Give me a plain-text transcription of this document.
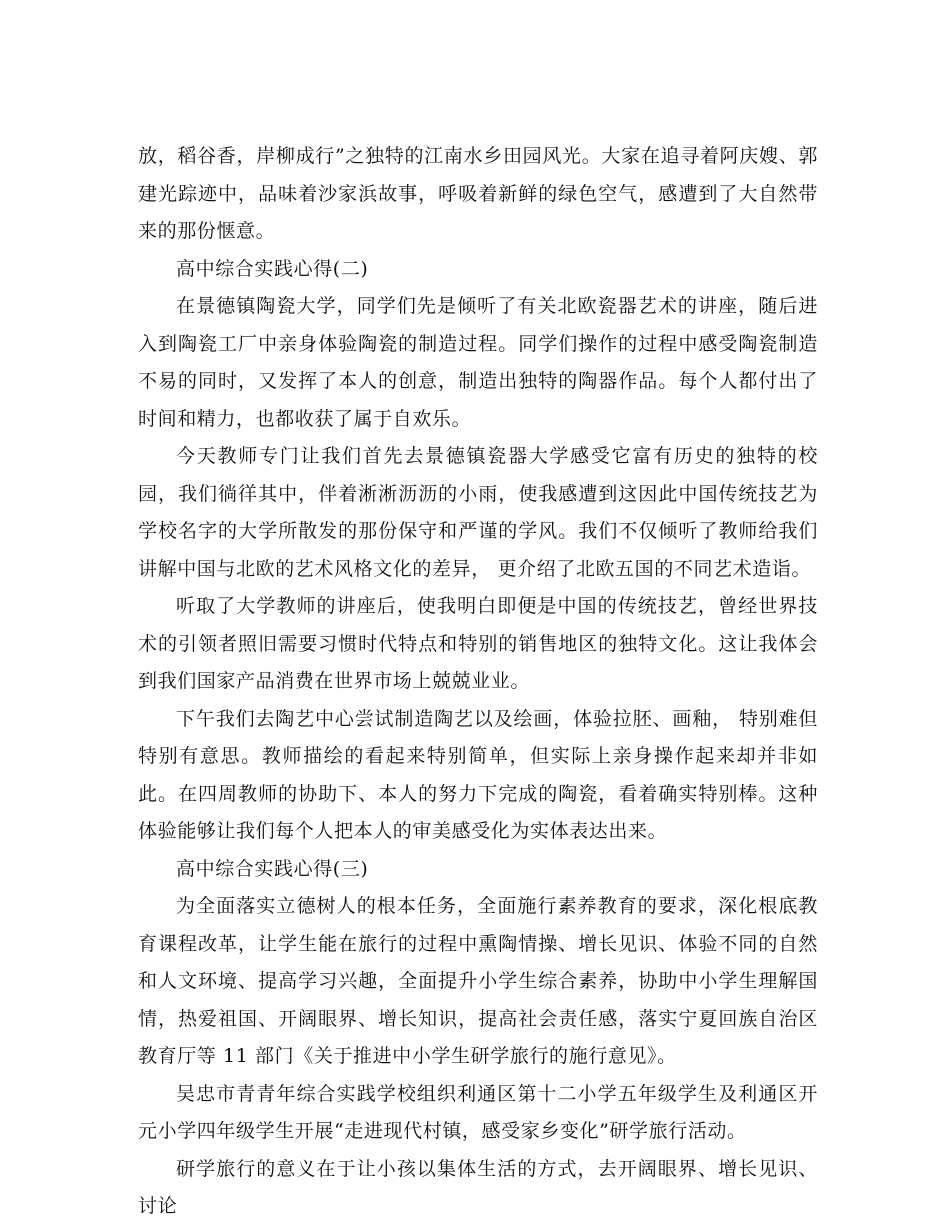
放，稻谷香，岸柳成行”之独特的江南水乡田园风光。大家在追寻着阿庆嫂、郭建光踪迹中，品味着沙家浜故事，呼吸着新鲜的绿色空气，感遭到了大自然带来的那份惬意。

高中综合实践心得(二)

在景德镇陶瓷大学，同学们先是倾听了有关北欧瓷器艺术的讲座，随后进入到陶瓷工厂中亲身体验陶瓷的制造过程。同学们操作的过程中感受陶瓷制造不易的同时，又发挥了本人的创意，制造出独特的陶器作品。每个人都付出了时间和精力，也都收获了属于自欢乐。

今天教师专门让我们首先去景德镇瓷器大学感受它富有历史的独特的校园，我们徜徉其中，伴着淅淅沥沥的小雨，使我感遭到这因此中国传统技艺为学校名字的大学所散发的那份保守和严谨的学风。我们不仅倾听了教师给我们讲解中国与北欧的艺术风格文化的差异， 更介绍了北欧五国的不同艺术造诣。

听取了大学教师的讲座后，使我明白即便是中国的传统技艺，曾经世界技术的引领者照旧需要习惯时代特点和特别的销售地区的独特文化。这让我体会到我们国家产品消费在世界市场上兢兢业业。

下午我们去陶艺中心尝试制造陶艺以及绘画，体验拉胚、画釉， 特别难但特别有意思。教师描绘的看起来特别简单，但实际上亲身操作起来却并非如此。在四周教师的协助下、本人的努力下完成的陶瓷，看着确实特别棒。这种体验能够让我们每个人把本人的审美感受化为实体表达出来。

高中综合实践心得(三)

为全面落实立德树人的根本任务，全面施行素养教育的要求，深化根底教育课程改革，让学生能在旅行的过程中熏陶情操、增长见识、体验不同的自然和人文环境、提高学习兴趣，全面提升小学生综合素养，协助中小学生理解国情，热爱祖国、开阔眼界、增长知识，提高社会责任感，落实宁夏回族自治区教育厅等 11 部门《关于推进中小学生研学旅行的施行意见》。

吴忠市青青年综合实践学校组织利通区第十二小学五年级学生及利通区开元小学四年级学生开展“走进现代村镇，感受家乡变化”研学旅行活动。

研学旅行的意义在于让小孩以集体生活的方式，去开阔眼界、增长见识、讨论
